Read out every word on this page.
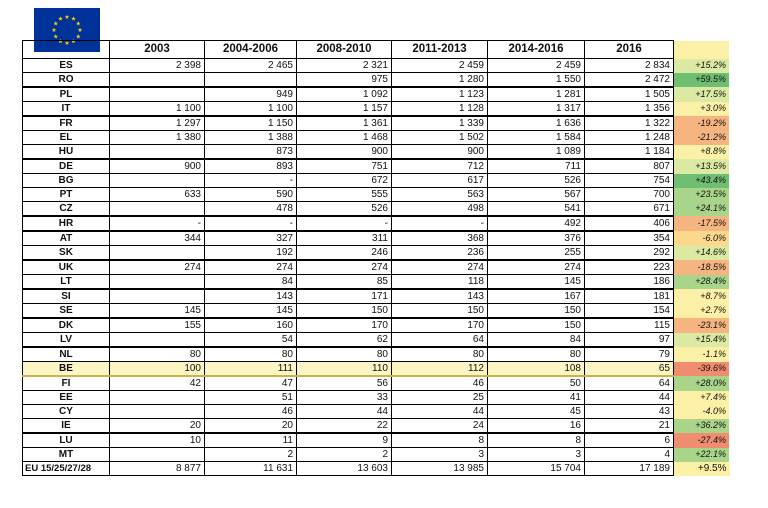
	2003	2004-2006	2008-2010	2011-2013	2014-2016	2016	
ES	2 398	2 465	2 321	2 459	2 459	2 834	+15.2%
RO			975	1 280	1 550	2 472	+59.5%
PL		949	1 092	1 123	1 281	1 505	+17.5%
IT	1 100	1 100	1 157	1 128	1 317	1 356	+3.0%
FR	1 297	1 150	1 361	1 339	1 636	1 322	-19.2%
EL	1 380	1 388	1 468	1 502	1 584	1 248	-21.2%
HU		873	900	900	1 089	1 184	+8.8%
DE	900	893	751	712	711	807	+13.5%
BG		-	672	617	526	754	+43.4%
PT	633	590	555	563	567	700	+23.5%
CZ		478	526	498	541	671	+24.1%
HR	-	-	-	-	492	406	-17.5%
AT	344	327	311	368	376	354	-6.0%
SK		192	246	236	255	292	+14.6%
UK	274	274	274	274	274	223	-18.5%
LT		84	85	118	145	186	+28.4%
SI		143	171	143	167	181	+8.7%
SE	145	145	150	150	150	154	+2.7%
DK	155	160	170	170	150	115	-23.1%
LV		54	62	64	84	97	+15.4%
NL	80	80	80	80	80	79	-1.1%
BE	100	111	110	112	108	65	-39.6%
FI	42	47	56	46	50	64	+28.0%
EE		51	33	25	41	44	+7.4%
CY		46	44	44	45	43	-4.0%
IE	20	20	22	24	16	21	+36.2%
LU	10	11	9	8	8	6	-27.4%
MT		2	2	3	3	4	+22.1%
EU 15/25/27/28	8 877	11 631	13 603	13 985	15 704	17 189	+9.5%
